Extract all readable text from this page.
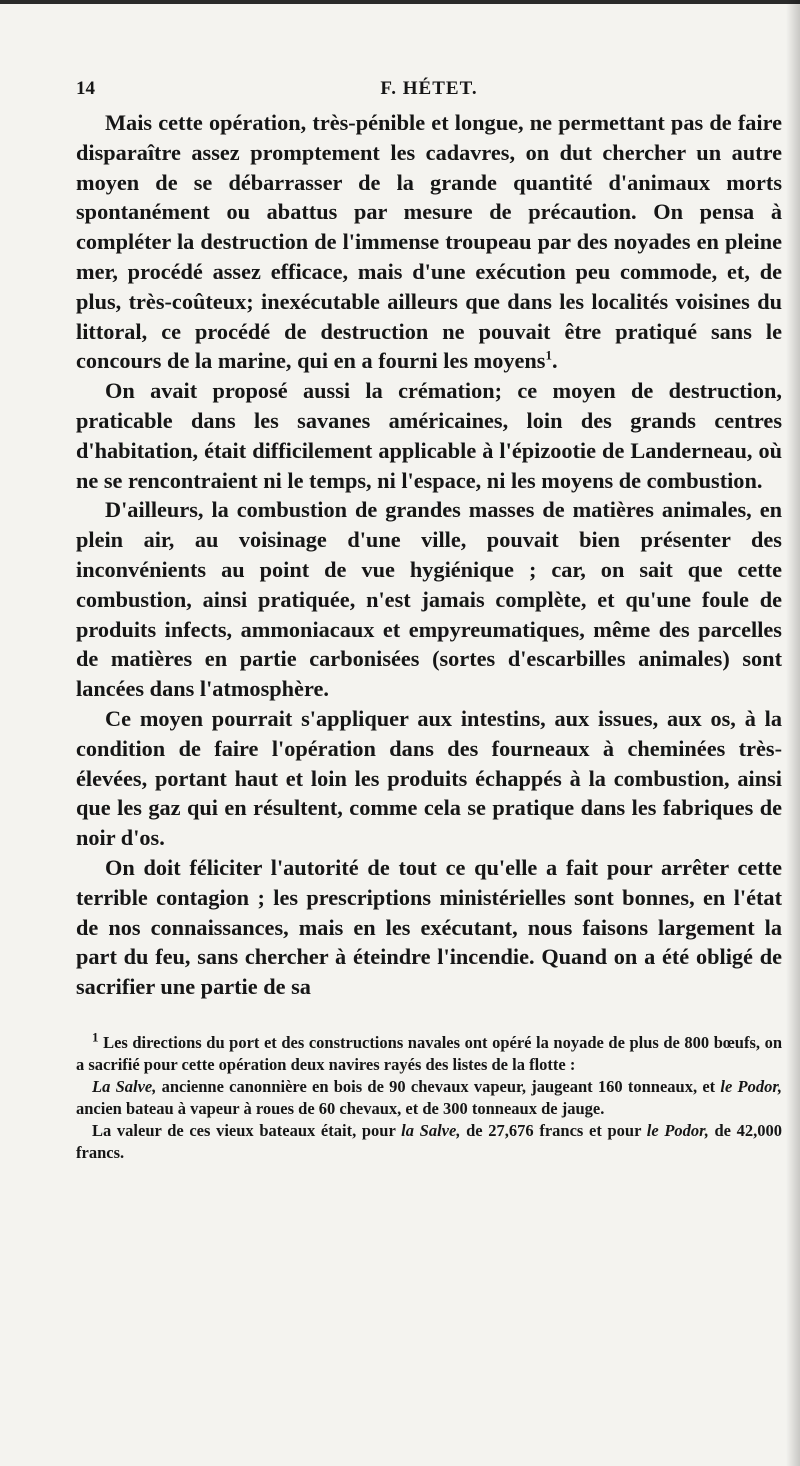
14	F. HÉTET.

Mais cette opération, très-pénible et longue, ne permettant pas de faire disparaître assez promptement les cadavres, on dut chercher un autre moyen de se débarrasser de la grande quantité d'animaux morts spontanément ou abattus par mesure de précaution. On pensa à compléter la destruction de l'immense troupeau par des noyades en pleine mer, procédé assez efficace, mais d'une exécution peu commode, et, de plus, très-coûteux; inexécutable ailleurs que dans les localités voisines du littoral, ce procédé de destruction ne pouvait être pratiqué sans le concours de la marine, qui en a fourni les moyens$^1$.

On avait proposé aussi la crémation; ce moyen de destruction, praticable dans les savanes américaines, loin des grands centres d'habitation, était difficilement applicable à l'épizootie de Landerneau, où ne se rencontraient ni le temps, ni l'espace, ni les moyens de combustion.

D'ailleurs, la combustion de grandes masses de matières animales, en plein air, au voisinage d'une ville, pouvait bien présenter des inconvénients au point de vue hygiénique ; car, on sait que cette combustion, ainsi pratiquée, n'est jamais complète, et qu'une foule de produits infects, ammoniacaux et empyreumatiques, même des parcelles de matières en partie carbonisées (sortes d'escarbilles animales) sont lancées dans l'atmosphère.

Ce moyen pourrait s'appliquer aux intestins, aux issues, aux os, à la condition de faire l'opération dans des fourneaux à cheminées très-élevées, portant haut et loin les produits échappés à la combustion, ainsi que les gaz qui en résultent, comme cela se pratique dans les fabriques de noir d'os.

On doit féliciter l'autorité de tout ce qu'elle a fait pour arrêter cette terrible contagion ; les prescriptions ministérielles sont bonnes, en l'état de nos connaissances, mais en les exécutant, nous faisons largement la part du feu, sans chercher à éteindre l'incendie. Quand on a été obligé de sacrifier une partie de sa

$^1$ Les directions du port et des constructions navales ont opéré la noyade de plus de 800 bœufs, on a sacrifié pour cette opération deux navires rayés des listes de la flotte :

La Salve, ancienne canonnière en bois de 90 chevaux vapeur, jaugeant 160 tonneaux, et le Podor, ancien bateau à vapeur à roues de 60 chevaux, et de 300 tonneaux de jauge.

La valeur de ces vieux bateaux était, pour la Salve, de 27,676 francs et pour le Podor, de 42,000 francs.
